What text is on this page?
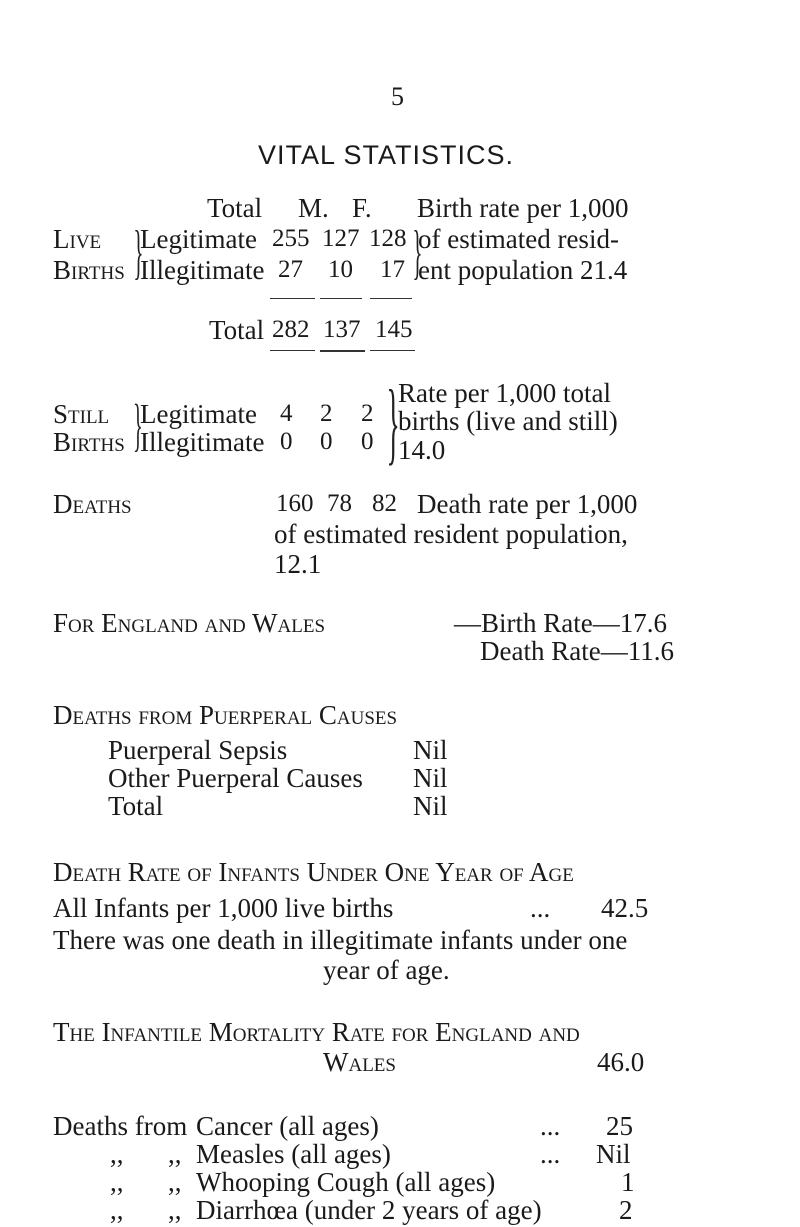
5
VITAL STATISTICS.
Total M. F. Birth rate per 1,000
Live
Births }
Legitimate 255 127 128
Illegitimate 27 10 17 }
of estimated resid-
ent population 21.4
Total 282 137 145
Still
Births }
Legitimate 4 2 2
Illegitimate 0 0 0 }
Rate per 1,000 total
births (live and still)
14.0
Deaths	160 78 82 Death rate per 1,000
of estimated resident population,
12.1
For England and Wales	—Birth Rate—17.6
Death Rate—11.6
Deaths from Puerperal Causes
Puerperal Sepsis	Nil
Other Puerperal Causes Nil
Total	Nil
Death Rate of Infants Under One Year of Age
All Infants per 1,000 live births	... 42.5
There was one death in illegitimate infants under one
year of age.
The Infantile Mortality Rate for England and
Wales	46.0
Deaths from Cancer (all ages)	... 25
,, ,, Measles (all ages)	... Nil
,, ,, Whooping Cough (all ages)	1
,, ,, Diarrhœa (under 2 years of age)	2
